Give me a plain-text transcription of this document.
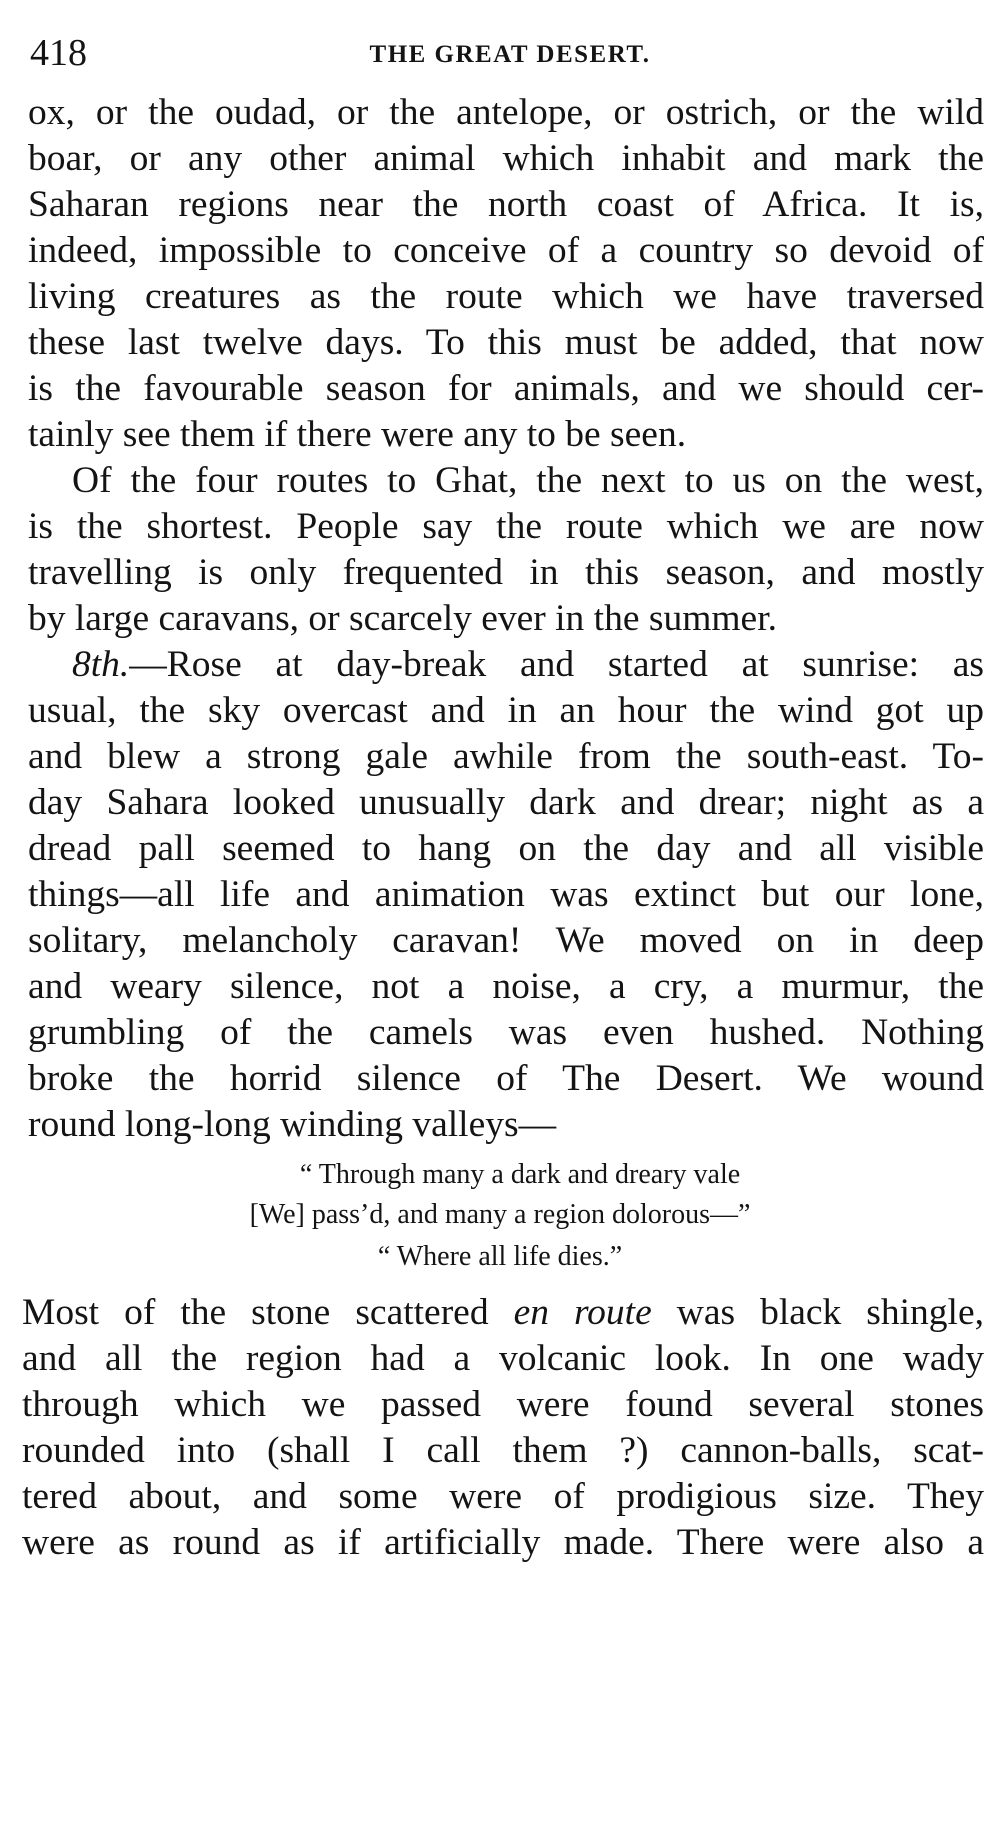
418	THE GREAT DESERT.
ox, or the oudad, or the antelope, or ostrich, or the wild
boar, or any other animal which inhabit and mark the
Saharan regions near the north coast of Africa. It is,
indeed, impossible to conceive of a country so devoid of
living creatures as the route which we have traversed
these last twelve days. To this must be added, that now
is the favourable season for animals, and we should cer-
tainly see them if there were any to be seen.
Of the four routes to Ghat, the next to us on the west,
is the shortest. People say the route which we are now
travelling is only frequented in this season, and mostly
by large caravans, or scarcely ever in the summer.
8th.—Rose at day-break and started at sunrise: as
usual, the sky overcast and in an hour the wind got up
and blew a strong gale awhile from the south-east. To-
day Sahara looked unusually dark and drear; night as a
dread pall seemed to hang on the day and all visible
things—all life and animation was extinct but our lone,
solitary, melancholy caravan! We moved on in deep
and weary silence, not a noise, a cry, a murmur, the
grumbling of the camels was even hushed. Nothing
broke the horrid silence of The Desert. We wound
round long-long winding valleys—
“ Through many a dark and dreary vale
[We] pass’d, and many a region dolorous—”
“ Where all life dies.”
Most of the stone scattered en route was black shingle,
and all the region had a volcanic look. In one wady
through which we passed were found several stones
rounded into (shall I call them ?) cannon-balls, scat-
tered about, and some were of prodigious size. They
were as round as if artificially made. There were also a
